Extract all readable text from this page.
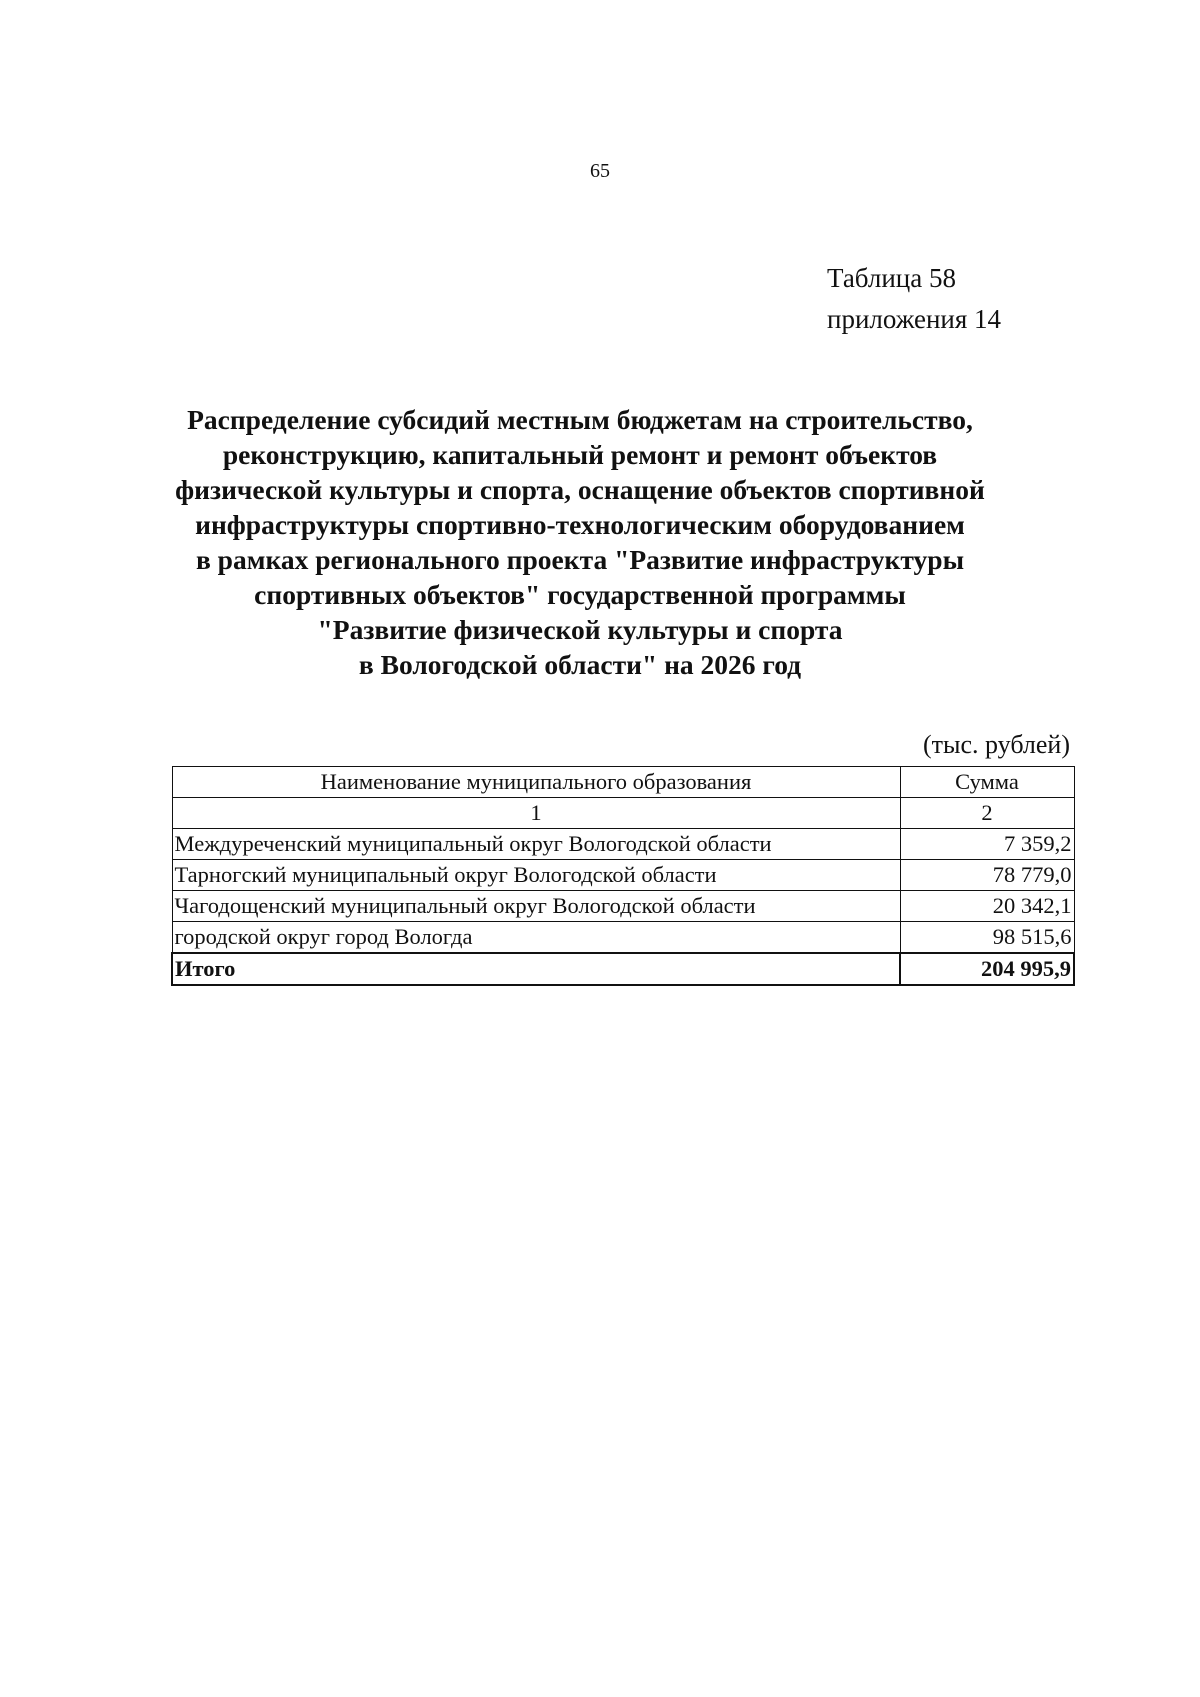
65
Таблица 58
приложения 14
Распределение субсидий местным бюджетам на строительство,
реконструкцию, капитальный ремонт и ремонт объектов
физической культуры и спорта, оснащение объектов спортивной
инфраструктуры спортивно-технологическим оборудованием
в рамках регионального проекта "Развитие инфраструктуры
спортивных объектов" государственной программы
"Развитие физической культуры и спорта
в Вологодской области" на 2026 год
(тыс. рублей)
Наименование муниципального образования	Сумма
1	2
Междуреченский муниципальный округ Вологодской области	7 359,2
Тарногский муниципальный округ Вологодской области	78 779,0
Чагодощенский муниципальный округ Вологодской области	20 342,1
городской округ город Вологда	98 515,6
Итого	204 995,9
